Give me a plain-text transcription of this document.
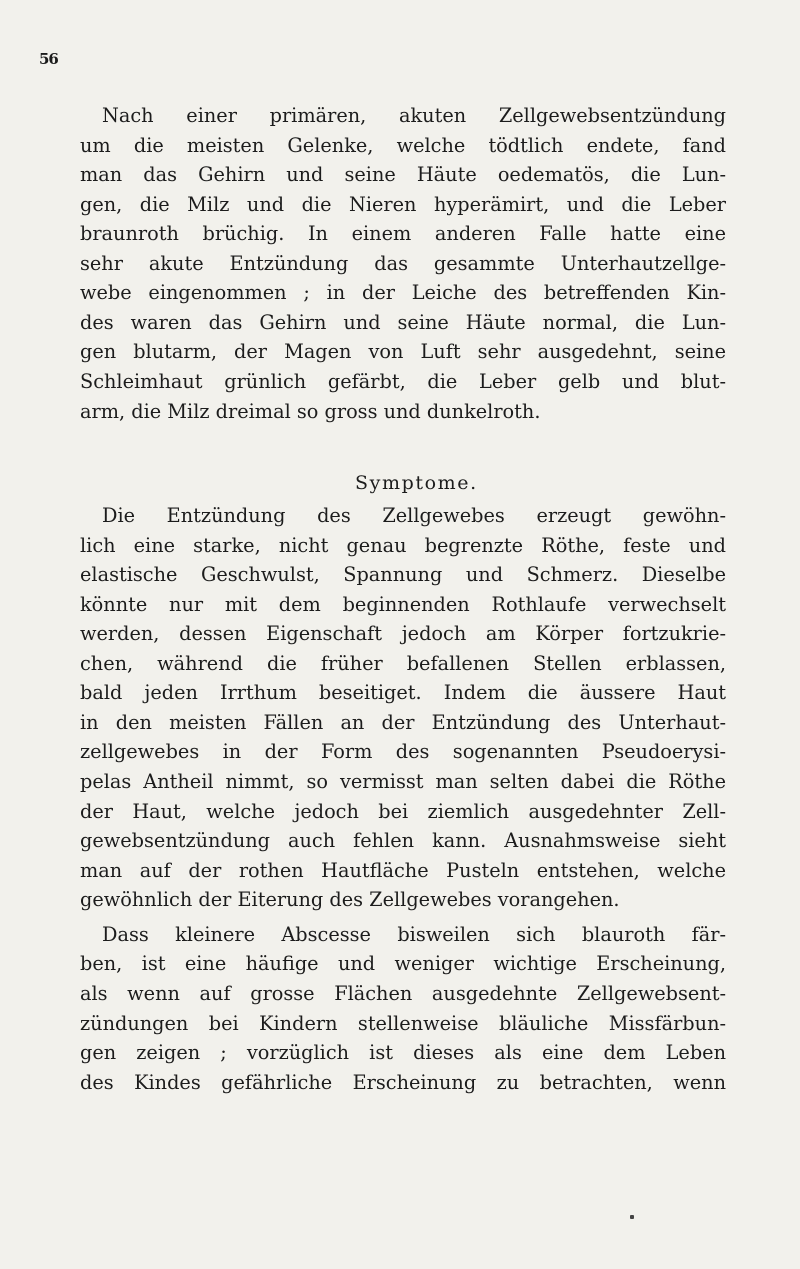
56
Nach einer primären, akuten Zellgewebsentzündung
um die meisten Gelenke, welche tödtlich endete, fand
man das Gehirn und seine Häute oedematös, die Lun-
gen, die Milz und die Nieren hyperämirt, und die Leber
braunroth brüchig. In einem anderen Falle hatte eine
sehr akute Entzündung das gesammte Unterhautzellge-
webe eingenommen ; in der Leiche des betreffenden Kin-
des waren das Gehirn und seine Häute normal, die Lun-
gen blutarm, der Magen von Luft sehr ausgedehnt, seine
Schleimhaut grünlich gefärbt, die Leber gelb und blut-
arm, die Milz dreimal so gross und dunkelroth.
Symptome.
Die Entzündung des Zellgewebes erzeugt gewöhn-
lich eine starke, nicht genau begrenzte Röthe, feste und
elastische Geschwulst, Spannung und Schmerz. Dieselbe
könnte nur mit dem beginnenden Rothlaufe verwechselt
werden, dessen Eigenschaft jedoch am Körper fortzukrie-
chen, während die früher befallenen Stellen erblassen,
bald jeden Irrthum beseitiget. Indem die äussere Haut
in den meisten Fällen an der Entzündung des Unterhaut-
zellgewebes in der Form des sogenannten Pseudoerysi-
pelas Antheil nimmt, so vermisst man selten dabei die Röthe
der Haut, welche jedoch bei ziemlich ausgedehnter Zell-
gewebsentzündung auch fehlen kann. Ausnahmsweise sieht
man auf der rothen Hautfläche Pusteln entstehen, welche
gewöhnlich der Eiterung des Zellgewebes vorangehen.
Dass kleinere Abscesse bisweilen sich blauroth fär-
ben, ist eine häufige und weniger wichtige Erscheinung,
als wenn auf grosse Flächen ausgedehnte Zellgewebsent-
zündungen bei Kindern stellenweise bläuliche Missfärbun-
gen zeigen ; vorzüglich ist dieses als eine dem Leben
des Kindes gefährliche Erscheinung zu betrachten, wenn
